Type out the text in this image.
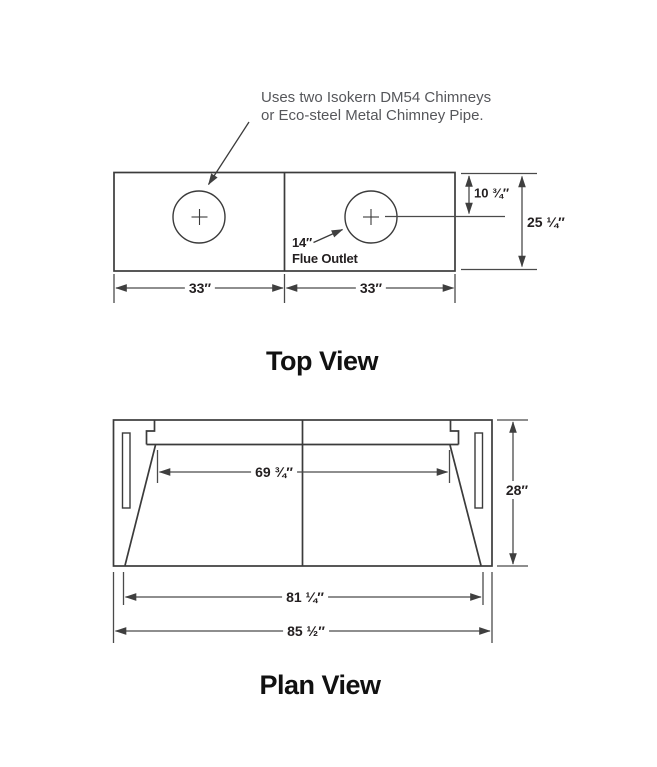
Uses two Isokern DM54 Chimneys
or Eco-steel Metal Chimney Pipe.
14″
Flue Outlet
33″	33″
10 ¾″
25 ¼″
Top View
69 ¾″
28″
81 ¼″
85 ½″
Plan View
